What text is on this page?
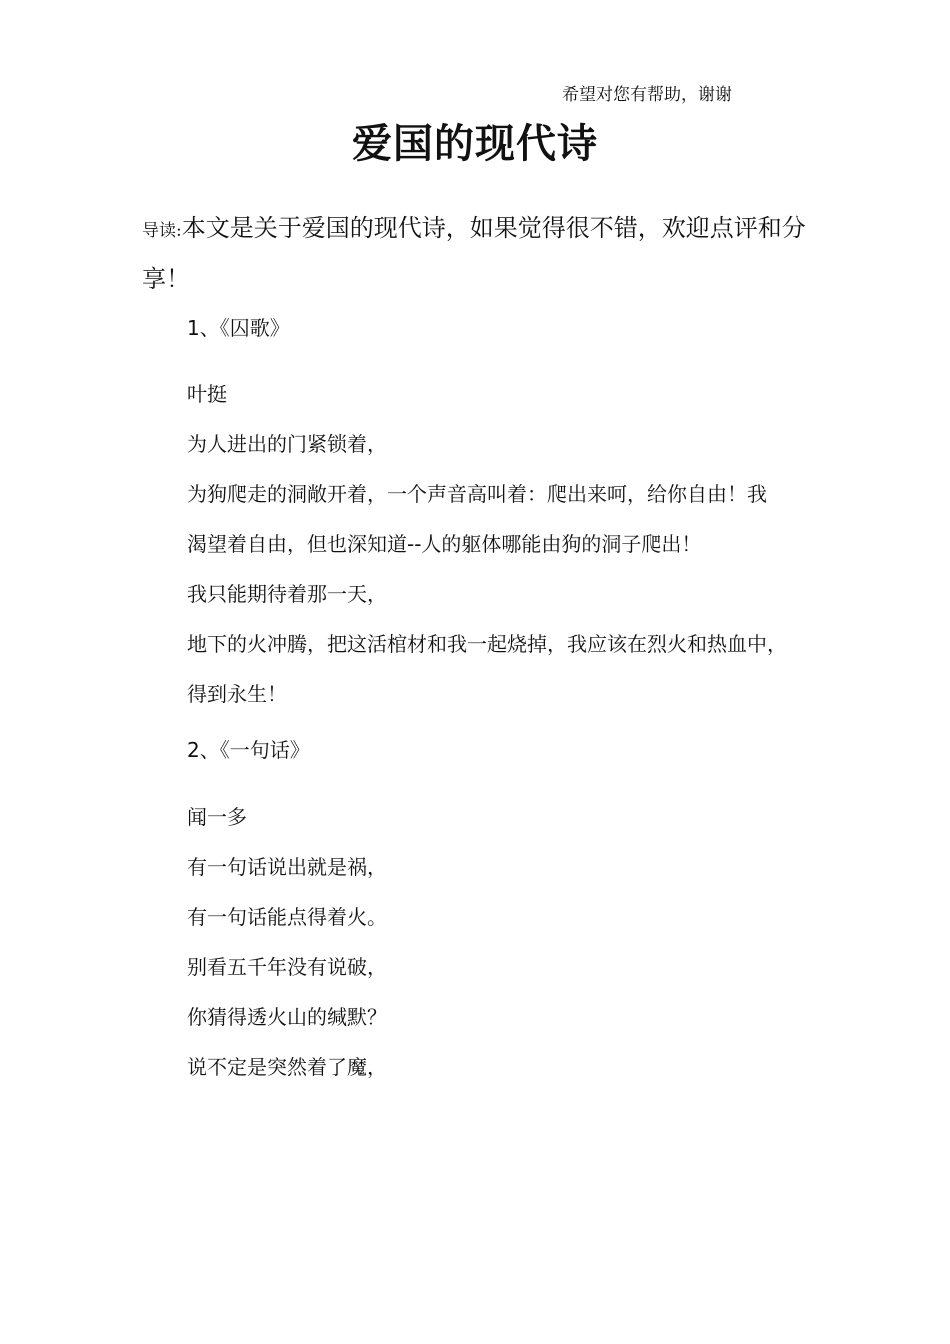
希望对您有帮助，谢谢
爱国的现代诗

导读:本文是关于爱国的现代诗，如果觉得很不错，欢迎点评和分享！

1、《囚歌》

叶挺

为人进出的门紧锁着，

为狗爬走的洞敞开着，一个声音高叫着：爬出来呵，给你自由！我

渴望着自由，但也深知道--人的躯体哪能由狗的洞子爬出！

我只能期待着那一天，

地下的火冲腾，把这活棺材和我一起烧掉，我应该在烈火和热血中，

得到永生！

2、《一句话》

闻一多

有一句话说出就是祸，

有一句话能点得着火。

别看五千年没有说破，

你猜得透火山的缄默？

说不定是突然着了魔，
